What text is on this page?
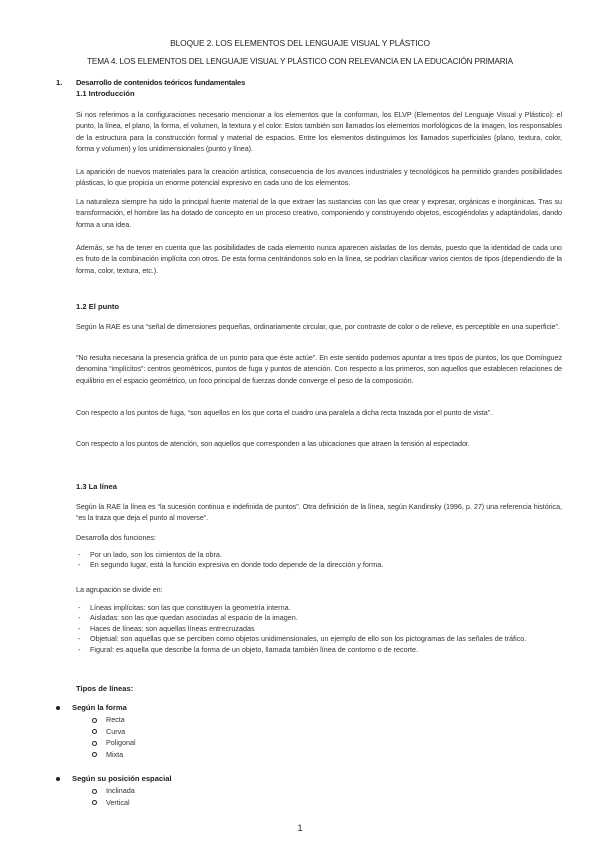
BLOQUE 2. LOS ELEMENTOS DEL LENGUAJE VISUAL Y PLÁSTICO
TEMA 4. LOS ELEMENTOS DEL LENGUAJE VISUAL Y PLÁSTICO CON RELEVANCIA EN LA EDUCACIÓN PRIMARIA
1. Desarrollo de contenidos teóricos fundamentales
1.1 Introducción
Si nos referimos a la configuraciones necesario mencionar a los elementos que la conforman, los ELVP (Elementos del Lenguaje Visual y Plástico): el punto, la línea, el plano, la forma, el volumen, la textura y el color. Estos también son llamados los elementos morfológicos de la imagen, los responsables de la estructura para la construcción formal y material de espacios. Entre los elementos distinguimos los llamados superficiales (plano, textura, color, forma y volumen) y los unidimensionales (punto y línea).
La aparición de nuevos materiales para la creación artística, consecuencia de los avances industriales y tecnológicos ha permitido grandes posibilidades plásticas, lo que propicia un enorme potencial expresivo en cada uno de los elementos.
La naturaleza siempre ha sido la principal fuente material de la que extraer las sustancias con las que crear y expresar, orgánicas e inorgánicas. Tras su transformación, el hombre las ha dotado de concepto en un proceso creativo, componiendo y construyendo objetos, escogiéndolas y adaptándolas, dando forma a una idea.
Además, se ha de tener en cuenta que las posibilidades de cada elemento nunca aparecen aisladas de los demás, puesto que la identidad de cada uno es fruto de la combinación implícita con otros. De esta forma centrándonos solo en la línea, se podrían clasificar varios cientos de tipos (dependiendo de la forma, color, textura, etc.).
1.2 El punto
Según la RAE es una “señal de dimensiones pequeñas, ordinariamente circular, que, por contraste de color o de relieve, es perceptible en una superficie”.
“No resulta necesaria la presencia gráfica de un punto para que éste actúe”. En este sentido podemos apuntar a tres tipos de puntos, los que Domínguez denomina “implícitos”: centros geométricos, puntos de fuga y puntos de atención. Con respecto a los primeros, son aquellos que establecen relaciones de equilibrio en el espacio geométrico, un foco principal de fuerzas donde converge el peso de la composición.
Con respecto a los puntos de fuga, “son aquellos en los que corta el cuadro una paralela a dicha recta trazada por el punto de vista”.
Con respecto a los puntos de atención, son aquellos que corresponden a las ubicaciones que atraen la tensión al espectador.
1.3 La línea
Según la RAE la línea es “la sucesión continua e indefinida de puntos”. Otra definición de la línea, según Kandinsky (1996, p. 27) una referencia histórica, “es la traza que deja el punto al moverse”.
Desarrolla dos funciones:
- Por un lado, son los cimientos de la obra.
- En segundo lugar, está la función expresiva en donde todo depende de la dirección y forma.
La agrupación se divide en:
- Líneas implícitas: son las que constituyen la geometría interna.
- Aisladas: son las que quedan asociadas al espacio de la imagen.
- Haces de líneas: son aquellas líneas entrecruzadas
- Objetual: son aquellas que se perciben como objetos unidimensionales, un ejemplo de ello son los pictogramas de las señales de tráfico.
- Figural: es aquella que describe la forma de un objeto, llamada también línea de contorno o de recorte.
Tipos de líneas:
Según la forma
Recta
Curva
Poligonal
Mixta
Según su posición espacial
Inclinada
Vertical
1
